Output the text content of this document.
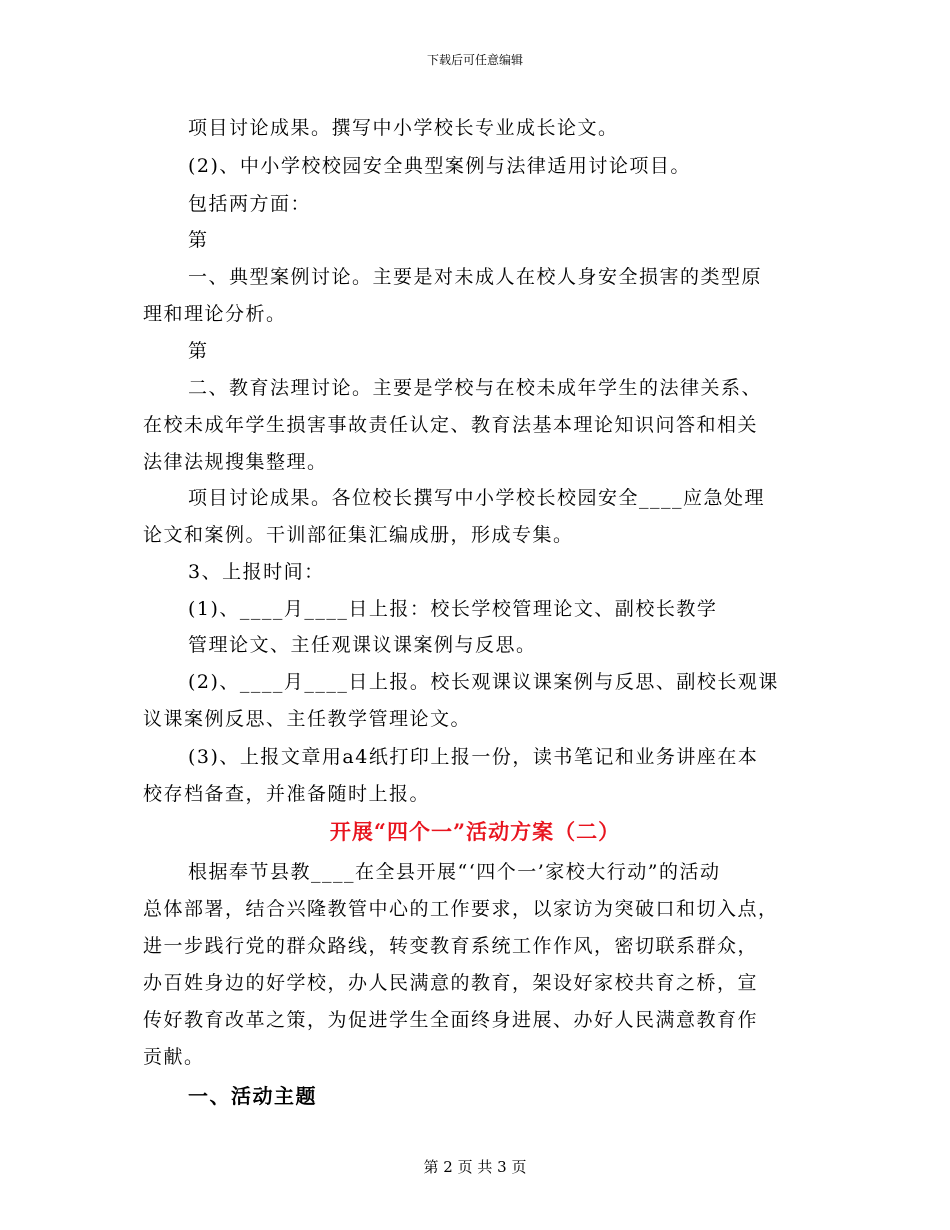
下载后可任意编辑
项目讨论成果。撰写中小学校长专业成长论文。
(2)、中小学校校园安全典型案例与法律适用讨论项目。
包括两方面：
第
一、典型案例讨论。主要是对未成人在校人身安全损害的类型原
理和理论分析。
第
二、教育法理讨论。主要是学校与在校未成年学生的法律关系、
在校未成年学生损害事故责任认定、教育法基本理论知识问答和相关
法律法规搜集整理。
项目讨论成果。各位校长撰写中小学校长校园安全____应急处理
论文和案例。干训部征集汇编成册，形成专集。
3、上报时间：
(1)、____月____日上报：校长学校管理论文、副校长教学
管理论文、主任观课议课案例与反思。
(2)、____月____日上报。校长观课议课案例与反思、副校长观课
议课案例反思、主任教学管理论文。
(3)、上报文章用a4纸打印上报一份，读书笔记和业务讲座在本
校存档备查，并准备随时上报。
开展“四个一”活动方案（二）
根据奉节县教____在全县开展“‘四个一’家校大行动”的活动
总体部署，结合兴隆教管中心的工作要求，以家访为突破口和切入点，
进一步践行党的群众路线，转变教育系统工作作风，密切联系群众，
办百姓身边的好学校，办人民满意的教育，架设好家校共育之桥，宣
传好教育改革之策，为促进学生全面终身进展、办好人民满意教育作
贡献。
一、活动主题
第 2 页 共 3 页
